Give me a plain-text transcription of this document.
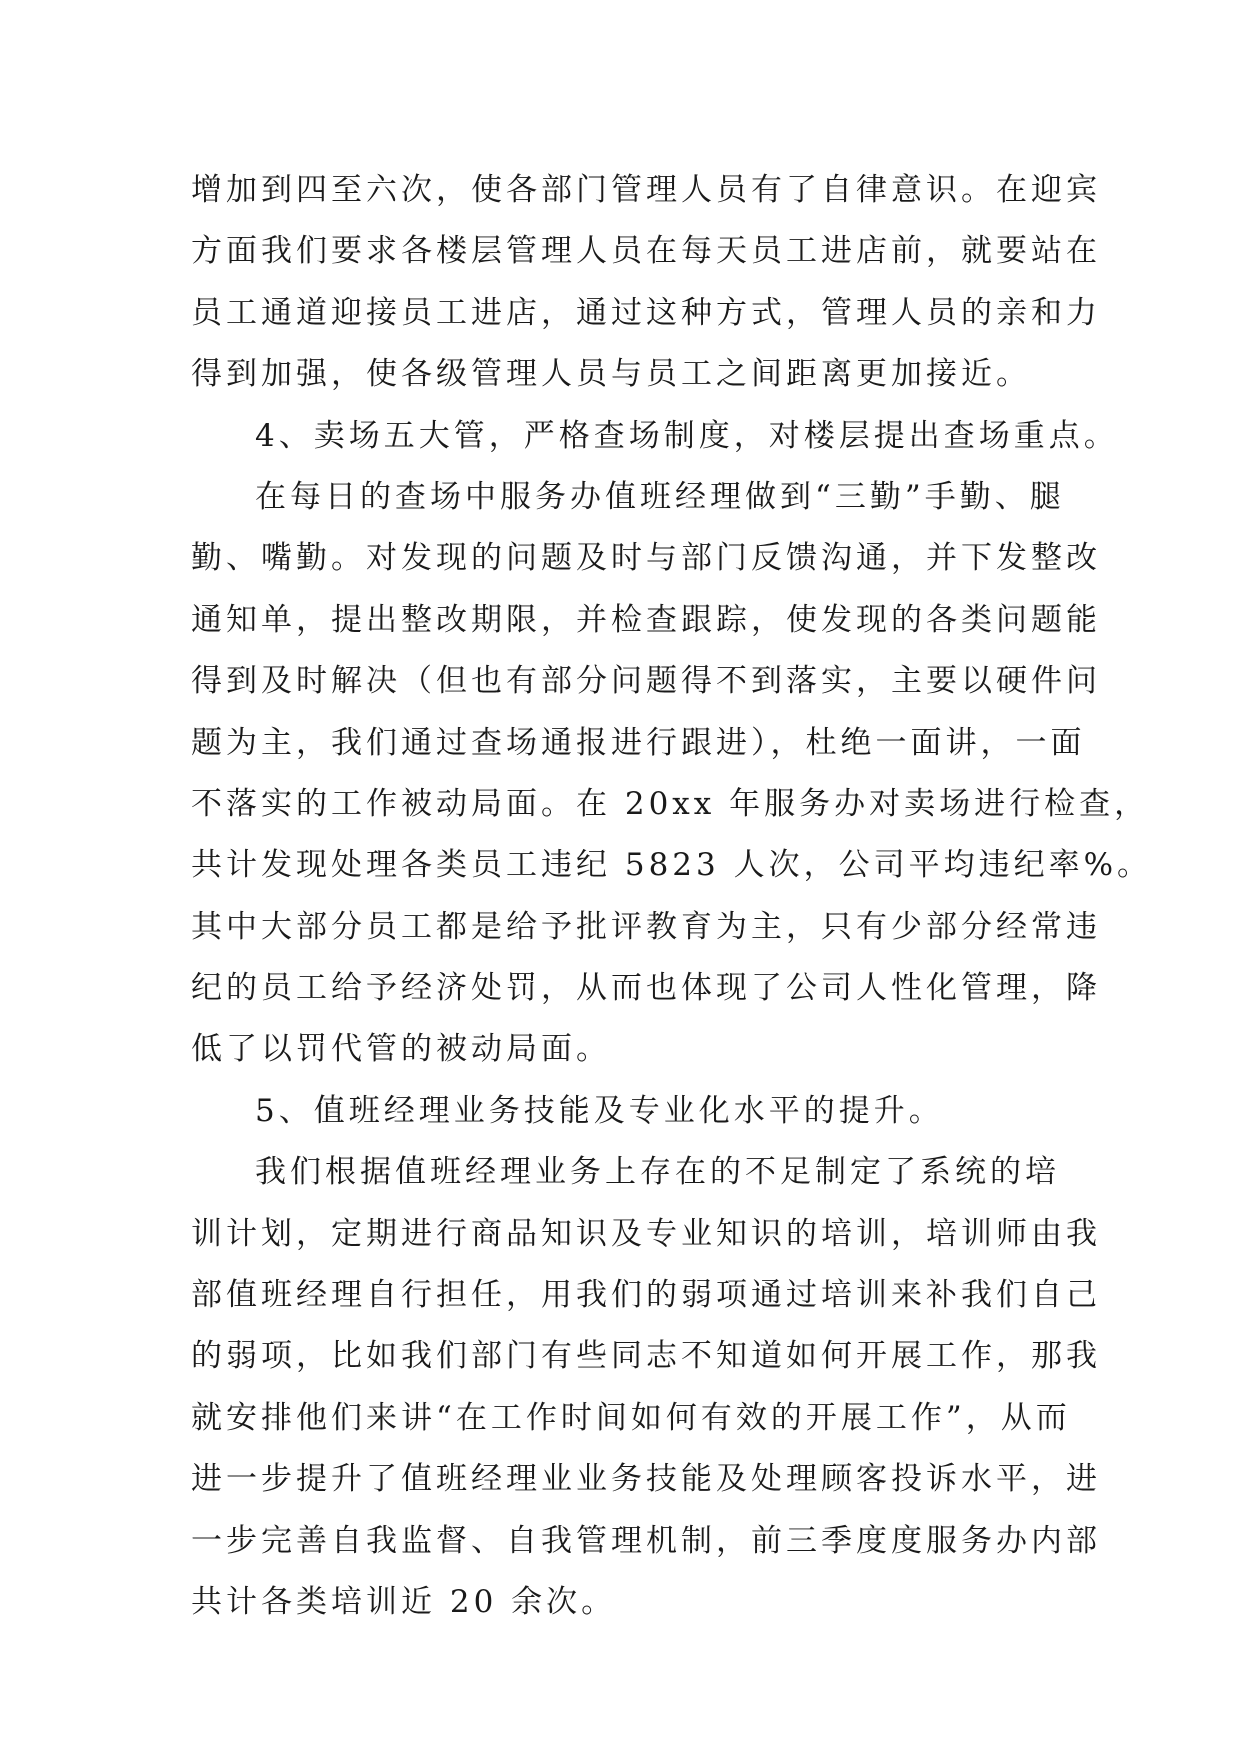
增加到四至六次，使各部门管理人员有了自律意识。在迎宾
方面我们要求各楼层管理人员在每天员工进店前，就要站在
员工通道迎接员工进店，通过这种方式，管理人员的亲和力
得到加强，使各级管理人员与员工之间距离更加接近。
4、卖场五大管，严格查场制度，对楼层提出查场重点。
在每日的查场中服务办值班经理做到“三勤”手勤、腿
勤、嘴勤。对发现的问题及时与部门反馈沟通，并下发整改
通知单，提出整改期限，并检查跟踪，使发现的各类问题能
得到及时解决（但也有部分问题得不到落实，主要以硬件问
题为主，我们通过查场通报进行跟进），杜绝一面讲，一面
不落实的工作被动局面。在 20xx 年服务办对卖场进行检查，
共计发现处理各类员工违纪 5823 人次，公司平均违纪率%。
其中大部分员工都是给予批评教育为主，只有少部分经常违
纪的员工给予经济处罚，从而也体现了公司人性化管理，降
低了以罚代管的被动局面。
5、值班经理业务技能及专业化水平的提升。
我们根据值班经理业务上存在的不足制定了系统的培
训计划，定期进行商品知识及专业知识的培训，培训师由我
部值班经理自行担任，用我们的弱项通过培训来补我们自己
的弱项，比如我们部门有些同志不知道如何开展工作，那我
就安排他们来讲“在工作时间如何有效的开展工作”，从而
进一步提升了值班经理业业务技能及处理顾客投诉水平，进
一步完善自我监督、自我管理机制，前三季度度服务办内部
共计各类培训近 20 余次。
